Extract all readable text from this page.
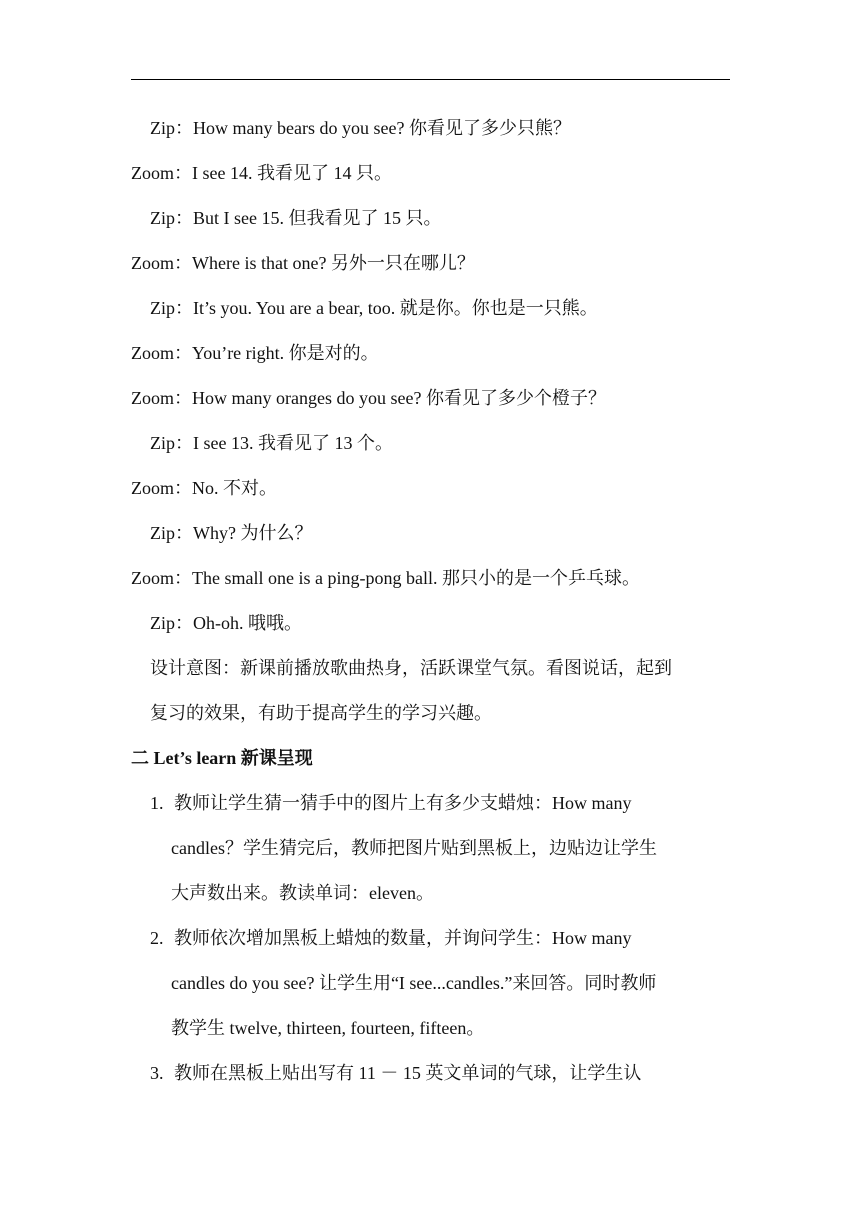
Zip：How many bears do you see? 你看见了多少只熊？
Zoom：I see 14. 我看见了 14 只。
Zip：But I see 15. 但我看见了 15 只。
Zoom：Where is that one? 另外一只在哪儿？
Zip：It’s you. You are a bear, too. 就是你。你也是一只熊。
Zoom：You’re right. 你是对的。
Zoom：How many oranges do you see? 你看见了多少个橙子？
Zip：I see 13. 我看见了 13 个。
Zoom：No. 不对。
Zip：Why? 为什么？
Zoom：The small one is a ping-pong ball. 那只小的是一个乒乓球。
Zip：Oh-oh. 哦哦。
设计意图：新课前播放歌曲热身，活跃课堂气氛。看图说话，起到
复习的效果，有助于提高学生的学习兴趣。
二 Let’s learn 新课呈现
1. 教师让学生猜一猜手中的图片上有多少支蜡烛：How many
candles？学生猜完后，教师把图片贴到黑板上，边贴边让学生
大声数出来。教读单词：eleven。
2. 教师依次增加黑板上蜡烛的数量，并询问学生：How many
candles do you see? 让学生用“I see...candles.”来回答。同时教师
教学生 twelve, thirteen, fourteen, fifteen。
3. 教师在黑板上贴出写有 11 － 15 英文单词的气球，让学生认
